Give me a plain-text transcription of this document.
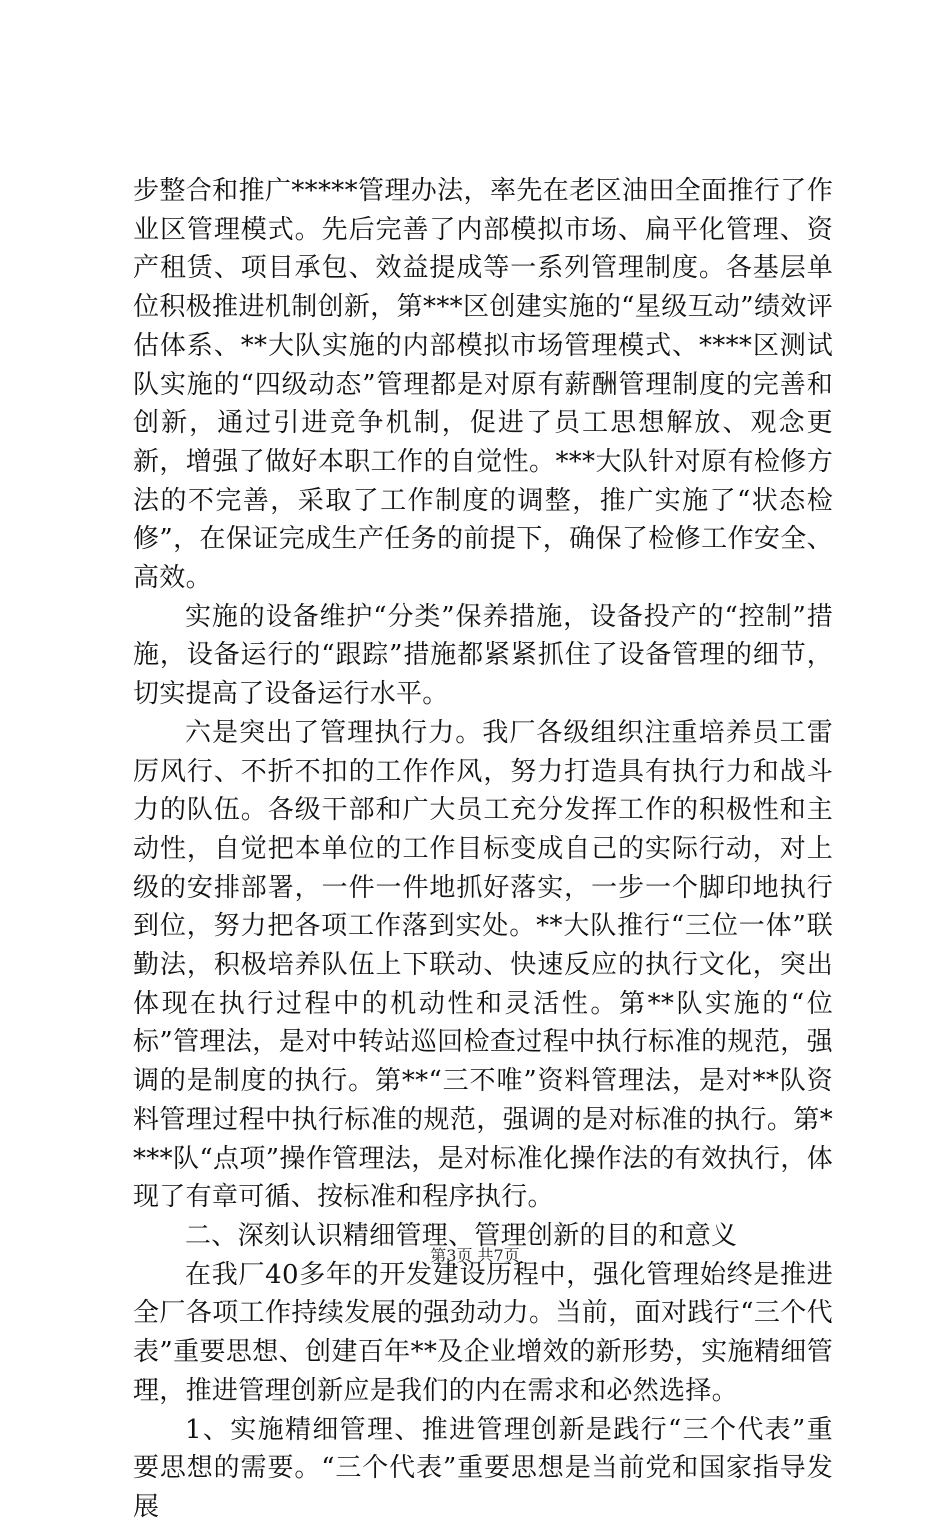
步整合和推广*****管理办法，率先在老区油田全面推行了作业区管理模式。先后完善了内部模拟市场、扁平化管理、资产租赁、项目承包、效益提成等一系列管理制度。各基层单位积极推进机制创新，第***区创建实施的“星级互动”绩效评估体系、**大队实施的内部模拟市场管理模式、****区测试队实施的“四级动态”管理都是对原有薪酬管理制度的完善和创新，通过引进竞争机制，促进了员工思想解放、观念更新，增强了做好本职工作的自觉性。***大队针对原有检修方法的不完善，采取了工作制度的调整，推广实施了“状态检修”，在保证完成生产任务的前提下，确保了检修工作安全、高效。

实施的设备维护“分类”保养措施，设备投产的“控制”措施，设备运行的“跟踪”措施都紧紧抓住了设备管理的细节，切实提高了设备运行水平。

六是突出了管理执行力。我厂各级组织注重培养员工雷厉风行、不折不扣的工作作风，努力打造具有执行力和战斗力的队伍。各级干部和广大员工充分发挥工作的积极性和主动性，自觉把本单位的工作目标变成自己的实际行动，对上级的安排部署，一件一件地抓好落实，一步一个脚印地执行到位，努力把各项工作落到实处。**大队推行“三位一体”联勤法，积极培养队伍上下联动、快速反应的执行文化，突出体现在执行过程中的机动性和灵活性。第**队实施的“位标”管理法，是对中转站巡回检查过程中执行标准的规范，强调的是制度的执行。第**“三不唯”资料管理法，是对**队资料管理过程中执行标准的规范，强调的是对标准的执行。第****队“点项”操作管理法，是对标准化操作法的有效执行，体现了有章可循、按标准和程序执行。

二、深刻认识精细管理、管理创新的目的和意义

在我厂40多年的开发建设历程中，强化管理始终是推进全厂各项工作持续发展的强劲动力。当前，面对践行“三个代表”重要思想、创建百年**及企业增效的新形势，实施精细管理，推进管理创新应是我们的内在需求和必然选择。

1、实施精细管理、推进管理创新是践行“三个代表”重要思想的需要。“三个代表”重要思想是当前党和国家指导发展

第3页 共7页
